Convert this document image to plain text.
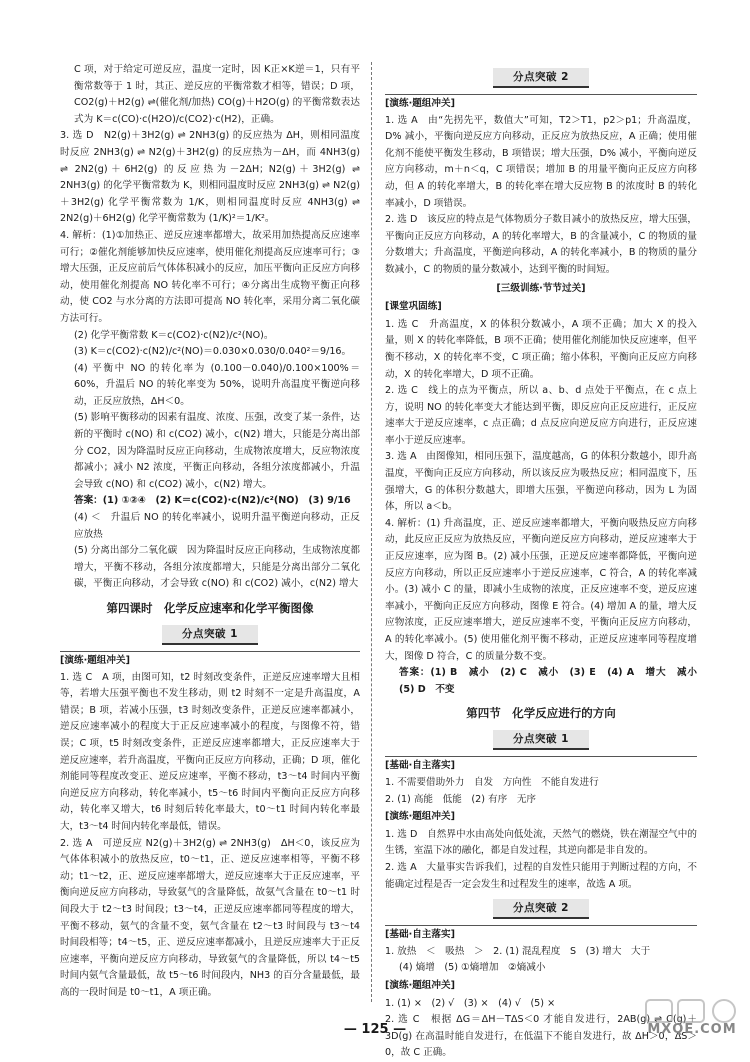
C 项，对于给定可逆反应，温度一定时，因 K正×K逆＝1，只有平衡常数等于 1 时，其正、逆反应的平衡常数才相等，错误；D 项，CO2(g)＋H2(g) ⇌(催化剂/加热) CO(g)＋H2O(g) 的平衡常数表达式为 K＝c(CO)·c(H2O)/c(CO2)·c(H2)，正确。

3. 选 D　N2(g)＋3H2(g) ⇌ 2NH3(g) 的反应热为 ΔH，则相同温度时反应 2NH3(g) ⇌ N2(g)＋3H2(g) 的反应热为－ΔH，而 4NH3(g) ⇌ 2N2(g)＋6H2(g) 的反应热为－2ΔH；N2(g)＋3H2(g) ⇌ 2NH3(g) 的化学平衡常数为 K，则相同温度时反应 2NH3(g) ⇌ N2(g)＋3H2(g) 化学平衡常数为 1/K，则相同温度时反应 4NH3(g) ⇌ 2N2(g)＋6H2(g) 化学平衡常数为 (1/K)²＝1/K²。

4. 解析：(1)①加热正、逆反应速率都增大，故采用加热提高反应速率可行；②催化剂能够加快反应速率，使用催化剂提高反应速率可行；③增大压强，正反应前后气体体积减小的反应，加压平衡向正反应方向移动，使用催化剂提高 NO 转化率不可行；④分离出生成物平衡正向移动，使 CO2 与水分离的方法即可提高 NO 转化率，采用分离二氧化碳方法可行。

(2) 化学平衡常数 K＝c(CO2)·c(N2)/c²(NO)。

(3) K＝c(CO2)·c(N2)/c²(NO)＝0.030×0.030/0.040²＝9/16。

(4) 平衡中 NO 的转化率为 (0.100－0.040)/0.100×100%＝60%，升温后 NO 的转化率变为 50%，说明升高温度平衡逆向移动，正反应放热，ΔH＜0。

(5) 影响平衡移动的因素有温度、浓度、压强，改变了某一条件，达新的平衡时 c(NO) 和 c(CO2) 减小，c(N2) 增大，只能是分离出部分 CO2，因为降温时反应正向移动，生成物浓度增大，反应物浓度都减小；减小 N2 浓度，平衡正向移动，各组分浓度都减小，升温会导致 c(NO) 和 c(CO2) 减小，c(N2) 增大。

答案：(1) ①②④　(2) K＝c(CO2)·c(N2)/c²(NO)　(3) 9/16

(4) ＜　升温后 NO 的转化率减小，说明升温平衡逆向移动，正反应放热

(5) 分离出部分二氧化碳　因为降温时反应正向移动，生成物浓度都增大，平衡不移动，各组分浓度都增大，只能是分离出部分二氧化碳，平衡正向移动，才会导致 c(NO) 和 c(CO2) 减小，c(N2) 增大

第四课时　化学反应速率和化学平衡图像
分点突破 1
[演练·题组冲关]

1. 选 C　A 项，由图可知，t2 时刻改变条件，正逆反应速率增大且相等，若增大压强平衡也不发生移动，则 t2 时刻不一定是升高温度，A 错误；B 项，若减小压强，t3 时刻改变条件，正逆反应速率都减小，逆反应速率减小的程度大于正反应速率减小的程度，与图像不符，错误；C 项，t5 时刻改变条件，正逆反应速率都增大，正反应速率大于逆反应速率，若升高温度，平衡向正反应方向移动，正确；D 项，催化剂能同等程度改变正、逆反应速率，平衡不移动，t3～t4 时间内平衡向逆反应方向移动，转化率减小，t5～t6 时间内平衡向正反应方向移动，转化率又增大，t6 时刻后转化率最大，t0～t1 时间内转化率最大，t3～t4 时间内转化率最低，错误。

2. 选 A　可逆反应 N2(g)＋3H2(g) ⇌ 2NH3(g)　ΔH＜0，该反应为气体体积减小的放热反应，t0～t1，正、逆反应速率相等，平衡不移动；t1～t2，正、逆反应速率都增大，逆反应速率大于正反应速率，平衡向逆反应方向移动，导致氨气的含量降低，故氨气含量在 t0～t1 时间段大于 t2～t3 时间段；t3～t4，正逆反应速率都同等程度的增大，平衡不移动，氨气的含量不变，氨气含量在 t2～t3 时间段与 t3～t4 时间段相等；t4～t5，正、逆反应速率都减小，且逆反应速率大于正反应速率，平衡向逆反应方向移动，导致氨气的含量降低，所以 t4～t5 时间内氨气含量最低，故 t5～t6 时间段内，NH3 的百分含量最低，最高的一段时间是 t0～t1，A 项正确。

分点突破 2
[演练·题组冲关]

1. 选 A　由“先拐先平，数值大”可知，T2＞T1，p2＞p1；升高温度，D% 减小，平衡向逆反应方向移动，正反应为放热反应，A 正确；使用催化剂不能使平衡发生移动，B 项错误；增大压强，D% 减小，平衡向逆反应方向移动，m＋n＜q，C 项错误；增加 B 的用量平衡向正反应方向移动，但 A 的转化率增大，B 的转化率在增大反应物 B 的浓度时 B 的转化率减小，D 项错误。

2. 选 D　该反应的特点是气体物质分子数目减小的放热反应，增大压强，平衡向正反应方向移动，A 的转化率增大，B 的含量减小，C 的物质的量分数增大；升高温度，平衡逆向移动，A 的转化率减小，B 的物质的量分数减小，C 的物质的量分数减小，达到平衡的时间短。

[三级训练·节节过关]
[课堂巩固练]

1. 选 C　升高温度，X 的体积分数减小，A 项不正确；加大 X 的投入量，则 X 的转化率降低，B 项不正确；使用催化剂能加快反应速率，但平衡不移动，X 的转化率不变，C 项正确；缩小体积，平衡向正反应方向移动，X 的转化率增大，D 项不正确。

2. 选 C　线上的点为平衡点，所以 a、b、d 点处于平衡点，在 c 点上方，说明 NO 的转化率变大才能达到平衡，即反应向正反应进行，正反应速率大于逆反应速率，c 点正确；d 点反应向逆反应方向进行，正反应速率小于逆反应速率。

3. 选 A　由图像知，相同压强下，温度越高，G 的体积分数越小，即升高温度，平衡向正反应方向移动，所以该反应为吸热反应；相同温度下，压强增大，G 的体积分数越大，即增大压强，平衡逆向移动，因为 L 为固体，所以 a＜b。

4. 解析：(1) 升高温度，正、逆反应速率都增大，平衡向吸热反应方向移动，此反应正反应为放热反应，平衡向逆反应方向移动，逆反应速率大于正反应速率，应为图 B。(2) 减小压强，正逆反应速率都降低，平衡向逆反应方向移动，所以正反应速率小于逆反应速率，C 符合，A 的转化率减小。(3) 减小 C 的量，即减小生成物的浓度，正反应速率不变，逆反应速率减小，平衡向正反应方向移动，图像 E 符合。(4) 增加 A 的量，增大反应物浓度，正反应速率增大，逆反应速率不变，平衡向正反应方向移动，A 的转化率减小。(5) 使用催化剂平衡不移动，正逆反应速率同等程度增大，图像 D 符合，C 的质量分数不变。

答案：(1) B　减小　(2) C　减小　(3) E　(4) A　增大　减小　(5) D　不变

第四节　化学反应进行的方向
分点突破 1
[基础·自主落实]

1. 不需要借助外力　自发　方向性　不能自发进行

2. (1) 高能　低能　(2) 有序　无序

[演练·题组冲关]

1. 选 D　自然界中水由高处向低处流，天然气的燃烧，铁在潮湿空气中的生锈，室温下冰的融化，都是自发过程，其逆向都是非自发的。

2. 选 A　大量事实告诉我们，过程的自发性只能用于判断过程的方向，不能确定过程是否一定会发生和过程发生的速率，故选 A 项。

分点突破 2
[基础·自主落实]

1. 放热　＜　吸热　＞　2. (1) 混乱程度　S　(3) 增大　大于

(4) 熵增　(5) ①熵增加　②熵减小

[演练·题组冲关]

1. (1) ×　(2) √　(3) ×　(4) √　(5) ×

2. 选 C　根据 ΔG＝ΔH－TΔS＜0 才能自发进行，2AB(g) ⇌ C(g)＋3D(g) 在高温时能自发进行，在低温下不能自发进行，故 ΔH＞0，ΔS＞0，故 C 正确。

— 125 —	MXQE.COM
